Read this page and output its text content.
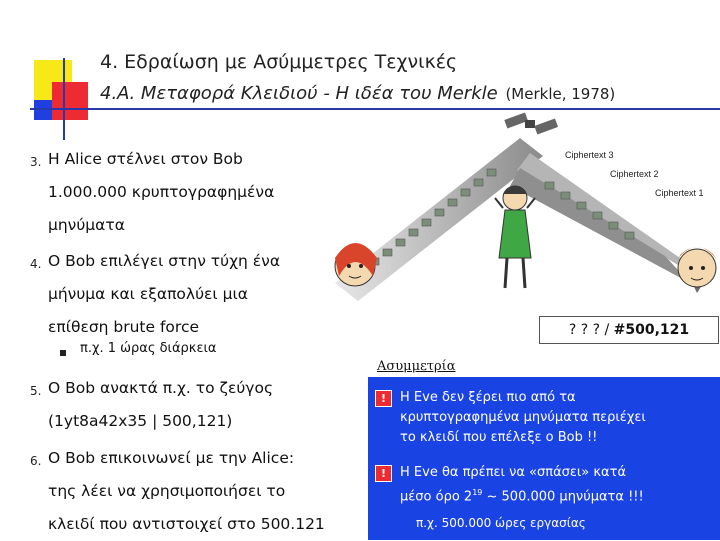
4. Εδραίωση με Ασύμμετρες Τεχνικές
4.Α. Μεταφορά Κλειδιού - Η ιδέα του Merkle (Merkle, 1978)
3. Η Alice στέλνει στον Bob
1.000.000 κρυπτογραφημένα
μηνύματα
4. Ο Bob επιλέγει στην τύχη ένα
μήνυμα και εξαπολύει μια
επίθεση brute force
π.χ. 1 ώρας διάρκεια
5. Ο Bob ανακτά π.χ. το ζεύγος
(1yt8a42x35 | 500,121)
6. Ο Bob επικοινωνεί με την Alice:
της λέει να χρησιμοποιήσει το
κλειδί που αντιστοιχεί στο 500.121
Ciphertext 3
Ciphertext 2
Ciphertext 1
? ? ? / #500,121
Ασυμμετρία
!	Η Eve δεν ξέρει πιο από τα
κρυπτογραφημένα μηνύματα περιέχει
το κλειδί που επέλεξε ο Bob !!
!	Η Eve θα πρέπει να «σπάσει» κατά
μέσο όρο $2^{19}$ ~ 500.000 μηνύματα !!!
π.χ. 500.000 ώρες εργασίας
